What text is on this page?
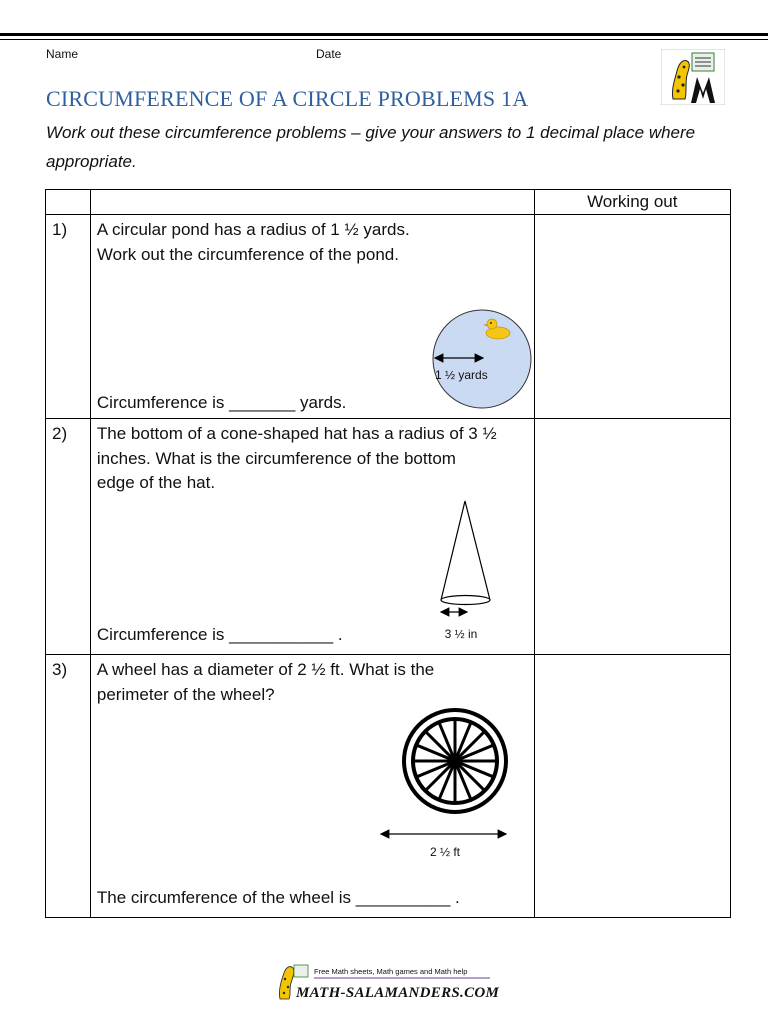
Name	Date
CIRCUMFERENCE OF A CIRCLE PROBLEMS 1A
Work out these circumference problems – give your answers to 1 decimal place where appropriate.
		Working out

1)	A circular pond has a radius of 1 ½ yards.
Work out the circumference of the pond.
1 ½ yards
Circumference is _______ yards.	

2)	The bottom of a cone-shaped hat has a radius of 3 ½
inches. What is the circumference of the bottom
edge of the hat.
3 ½ in
Circumference is ___________ .	

3)	A wheel has a diameter of 2 ½ ft. What is the
perimeter of the wheel?
2 ½ ft
The circumference of the wheel is __________ .	

Free Math sheets, Math games and Math help
MATH-SALAMANDERS.COM
